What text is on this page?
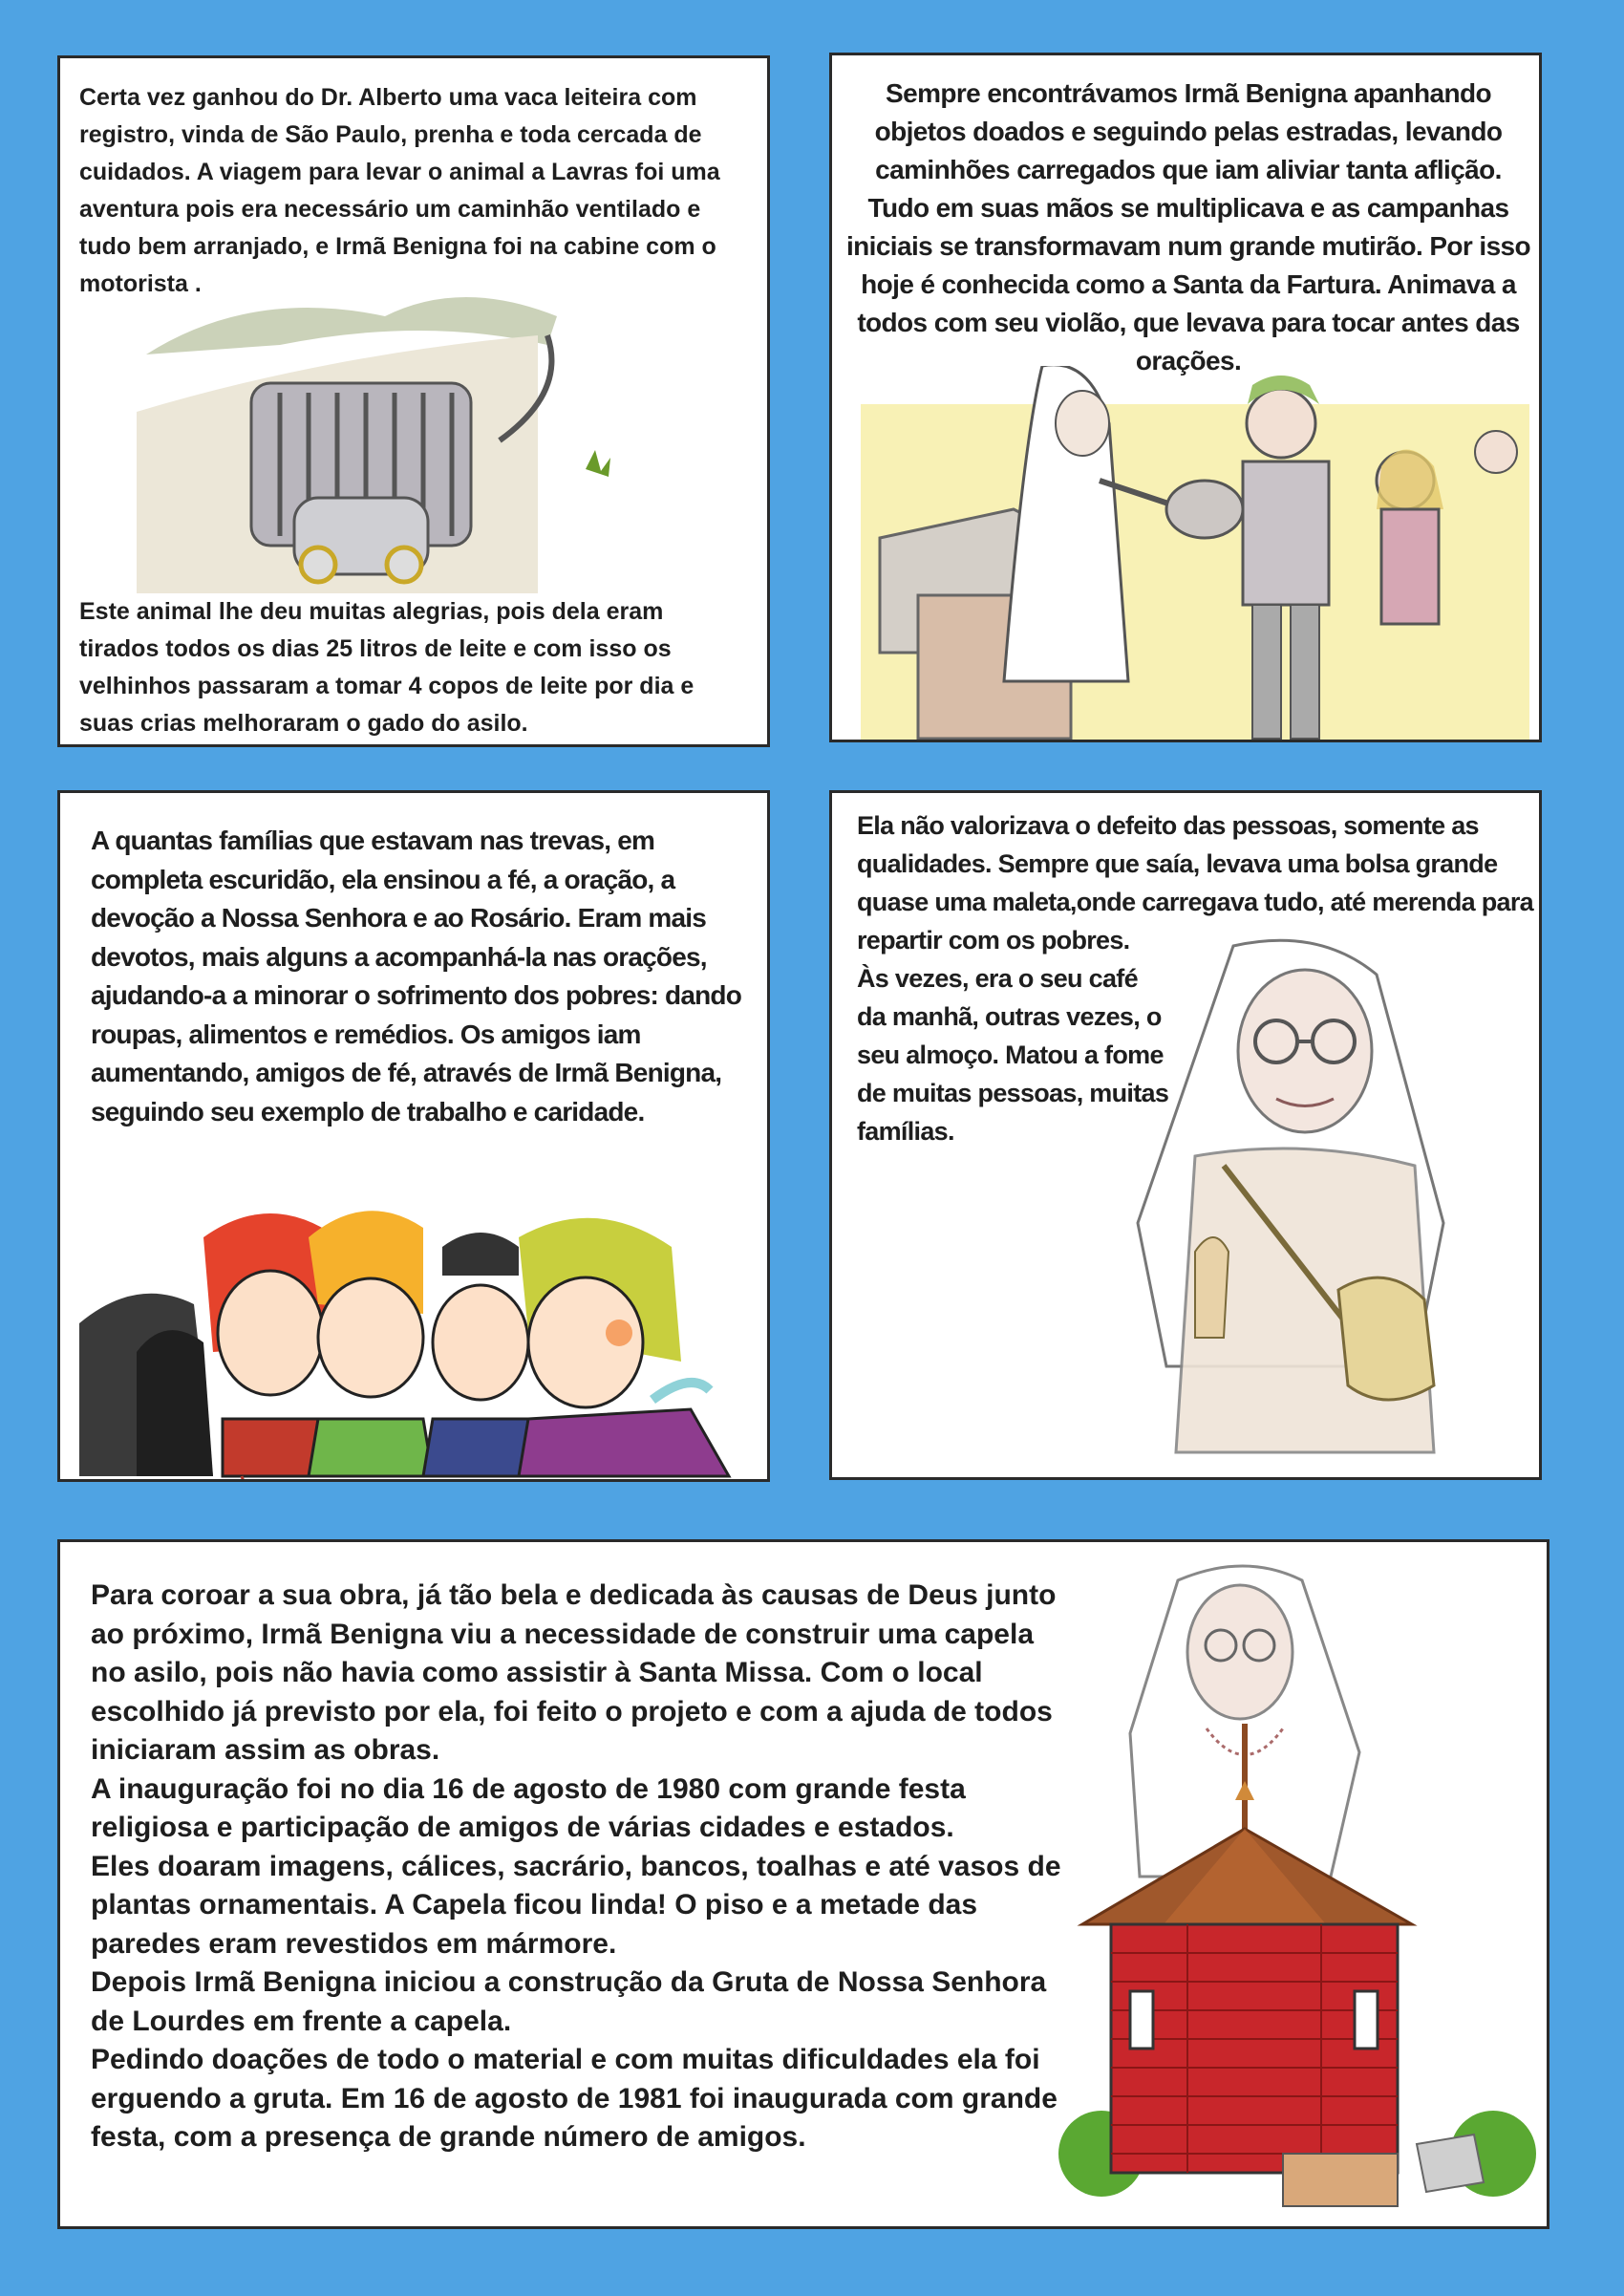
Certa vez ganhou do Dr. Alberto uma vaca leiteira com registro, vinda de São Paulo, prenha e toda cercada de cuidados. A viagem para levar o animal a Lavras foi uma aventura pois era necessário um caminhão ventilado e tudo bem arranjado, e Irmã Benigna foi na cabine com o motorista .

Este animal lhe deu muitas alegrias, pois dela eram tirados todos os dias 25 litros de leite e com isso os velhinhos passaram a tomar 4 copos de leite por dia e suas crias melhoraram o gado do asilo.

Sempre encontrávamos Irmã Benigna apanhando objetos doados e seguindo pelas estradas, levando caminhões carregados que iam aliviar tanta aflição. Tudo em suas mãos se multiplicava e as campanhas iniciais se transformavam num grande mutirão. Por isso hoje é conhecida como a Santa da Fartura. Animava a todos com seu violão, que levava para tocar antes das orações.

A quantas famílias que estavam nas trevas, em completa escuridão, ela ensinou a fé, a oração, a devoção a Nossa Senhora e ao Rosário. Eram mais devotos, mais alguns a acompanhá-la nas orações, ajudando-a a minorar o sofrimento dos pobres: dando roupas, alimentos e remédios. Os amigos iam aumentando, amigos de fé, através de Irmã Benigna, seguindo seu exemplo de trabalho e caridade.

Ela não valorizava o defeito das pessoas, somente as qualidades. Sempre que saía, levava uma bolsa grande quase uma maleta,onde carregava tudo, até merenda para repartir com os pobres.

Às vezes, era o seu café da manhã, outras vezes, o seu almoço. Matou a fome de muitas pessoas, muitas famílias.

Para coroar a sua obra, já tão bela e dedicada às causas de Deus junto ao próximo, Irmã Benigna viu a necessidade de construir uma capela no asilo, pois não havia como assistir à Santa Missa. Com o local escolhido já previsto por ela, foi feito o projeto e com a ajuda de todos iniciaram assim as obras.
A inauguração foi no dia 16 de agosto de 1980 com grande festa religiosa e participação de amigos de várias cidades e estados.
Eles doaram imagens, cálices, sacrário, bancos, toalhas e até vasos de plantas ornamentais. A Capela ficou linda! O piso e a metade das paredes eram revestidos em mármore.
Depois Irmã Benigna iniciou a construção da Gruta de Nossa Senhora de Lourdes em frente a capela.
Pedindo doações de todo o material e com muitas dificuldades ela foi erguendo a gruta. Em 16 de agosto de 1981 foi inaugurada com grande festa, com a presença de grande número de amigos.
